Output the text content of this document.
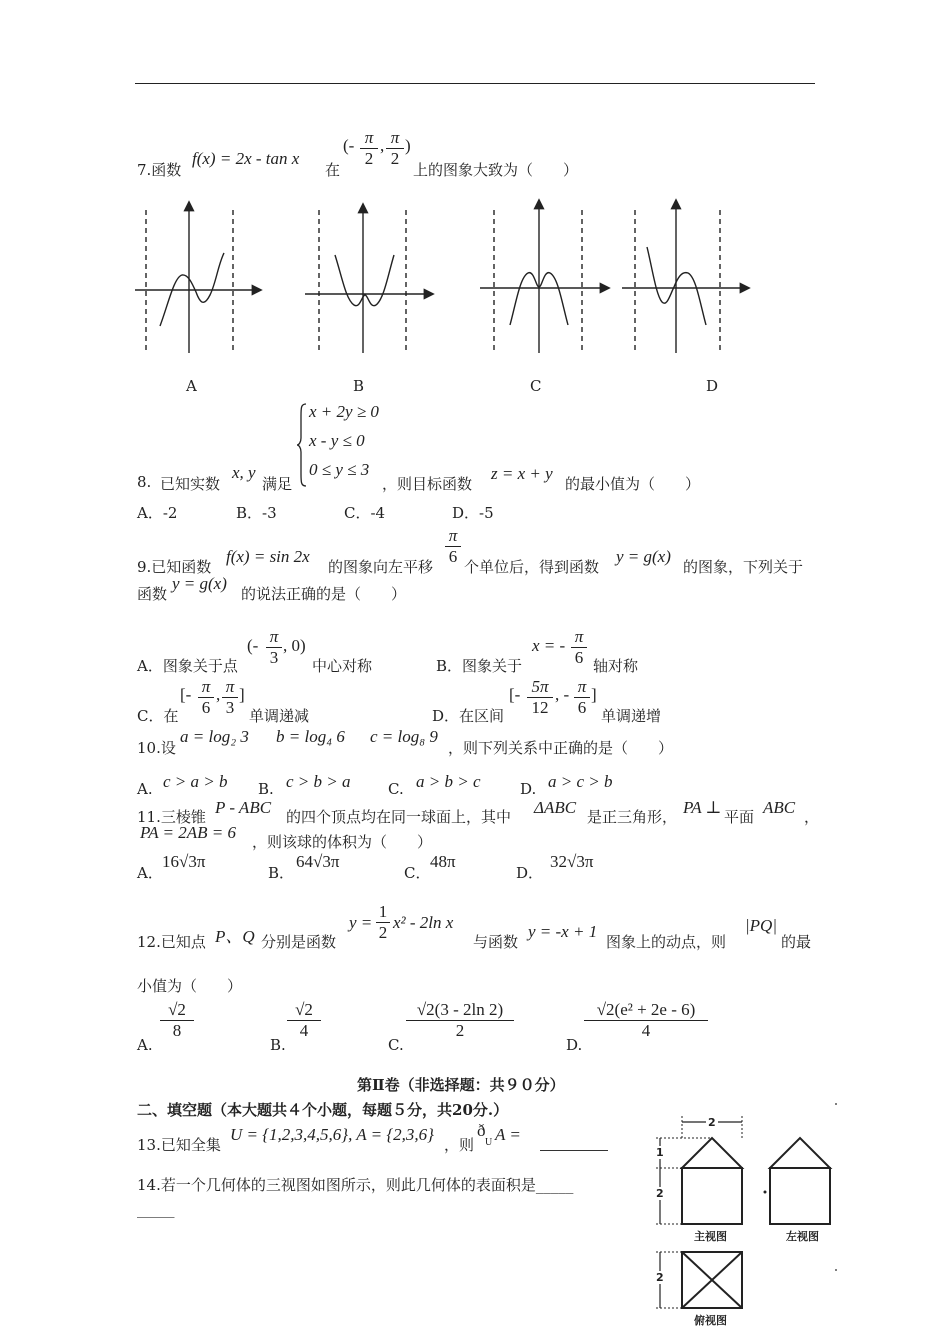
7.函数
f(x) = 2x - tan x
在
(- $\frac{\pi}{2}$ , $\frac{\pi}{2}$ )
上的图象大致为（　　）
A	B	C	D
8. 已知实数
x, y
满足
x + 2y ≥ 0
x - y ≤ 0
0 ≤ y ≤ 3
，则目标函数
z = x + y
的最小值为（　　）
A．-2	B．-3	C．-4	D．-5
9.已知函数
f(x) = sin 2x
的图象向左平移 $\frac{\pi}{6}$ 个单位后，得到函数
y = g(x)
的图象，下列关于
函数
y = g(x)
的说法正确的是（　　）
A．图象关于点
(- $\frac{\pi}{3}$ , 0)
中心对称	B．图象关于
x = - $\frac{\pi}{6}$ 轴对称
C．在
[- $\frac{\pi}{6}$ , $\frac{\pi}{3}$ ]
单调递减	D．在区间
[- $\frac{5\pi}{12}$ , - $\frac{\pi}{6}$ ]
单调递增
10.设
a = log₂ 3 b = log₄ 6 c = log₈ 9
，则下列关系中正确的是（　　）
A. c > a > b B. c > b > a	C. a > b > c	D. a > c > b
11.三棱锥 P - ABC 的四个顶点均在同一球面上，其中 ΔABC 是正三角形， PA ⊥ 平面 ABC ，
PA = 2AB = 6 ，则该球的体积为（　　）
A．
16√3π
B．
64√3π
C．
48π
D．
32√3π
12.已知点 P、Q 分别是函数
$y = \frac{1}{2} x^2 - 2\ln$ x
与函数
y = -x + 1
图象上的动点，则
|PQ|
的最
小值为（　　）
A.
$\frac{√2}{8}$
B.
$\frac{√2}{4}$
C.
$\frac{√2(3 - 2\ln 2)}{2}$
D.
$\frac{\text{√2(e² + 2e - 6)}}{4}$
第Ⅱ卷（非选择题：共９０分）
二、填空题（本大题共４个小题，每题５分，共20分.）
13.已知全集
U = {1,2,3,4,5,6}, A = {2,3,6}
，则
ð
U A =
14.若一个几何体的三视图如图所示，则此几何体的表面积是_____
_____
2
1
2
2
主视图	左视图
俯视图
